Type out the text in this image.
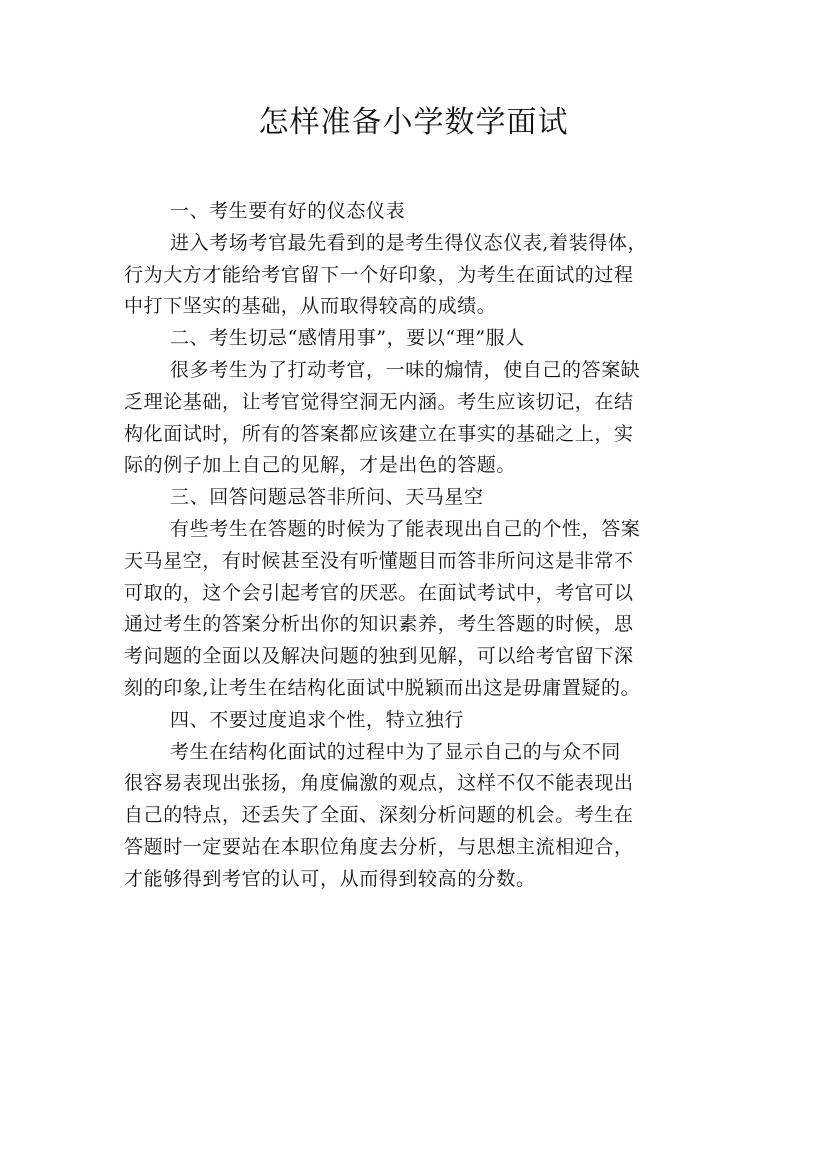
怎样准备小学数学面试
一、考生要有好的仪态仪表
进入考场考官最先看到的是考生得仪态仪表,着装得体，
行为大方才能给考官留下一个好印象，为考生在面试的过程
中打下坚实的基础，从而取得较高的成绩。
二、考生切忌“感情用事”，要以“理”服人
很多考生为了打动考官，一味的煽情，使自己的答案缺
乏理论基础，让考官觉得空洞无内涵。考生应该切记，在结
构化面试时，所有的答案都应该建立在事实的基础之上，实
际的例子加上自己的见解，才是出色的答题。
三、回答问题忌答非所问、天马星空
有些考生在答题的时候为了能表现出自己的个性，答案
天马星空，有时候甚至没有听懂题目而答非所问这是非常不
可取的，这个会引起考官的厌恶。在面试考试中，考官可以
通过考生的答案分析出你的知识素养，考生答题的时候，思
考问题的全面以及解决问题的独到见解，可以给考官留下深
刻的印象,让考生在结构化面试中脱颖而出这是毋庸置疑的。
四、不要过度追求个性，特立独行
考生在结构化面试的过程中为了显示自己的与众不同
很容易表现出张扬，角度偏激的观点，这样不仅不能表现出
自己的特点，还丢失了全面、深刻分析问题的机会。考生在
答题时一定要站在本职位角度去分析，与思想主流相迎合，
才能够得到考官的认可，从而得到较高的分数。
